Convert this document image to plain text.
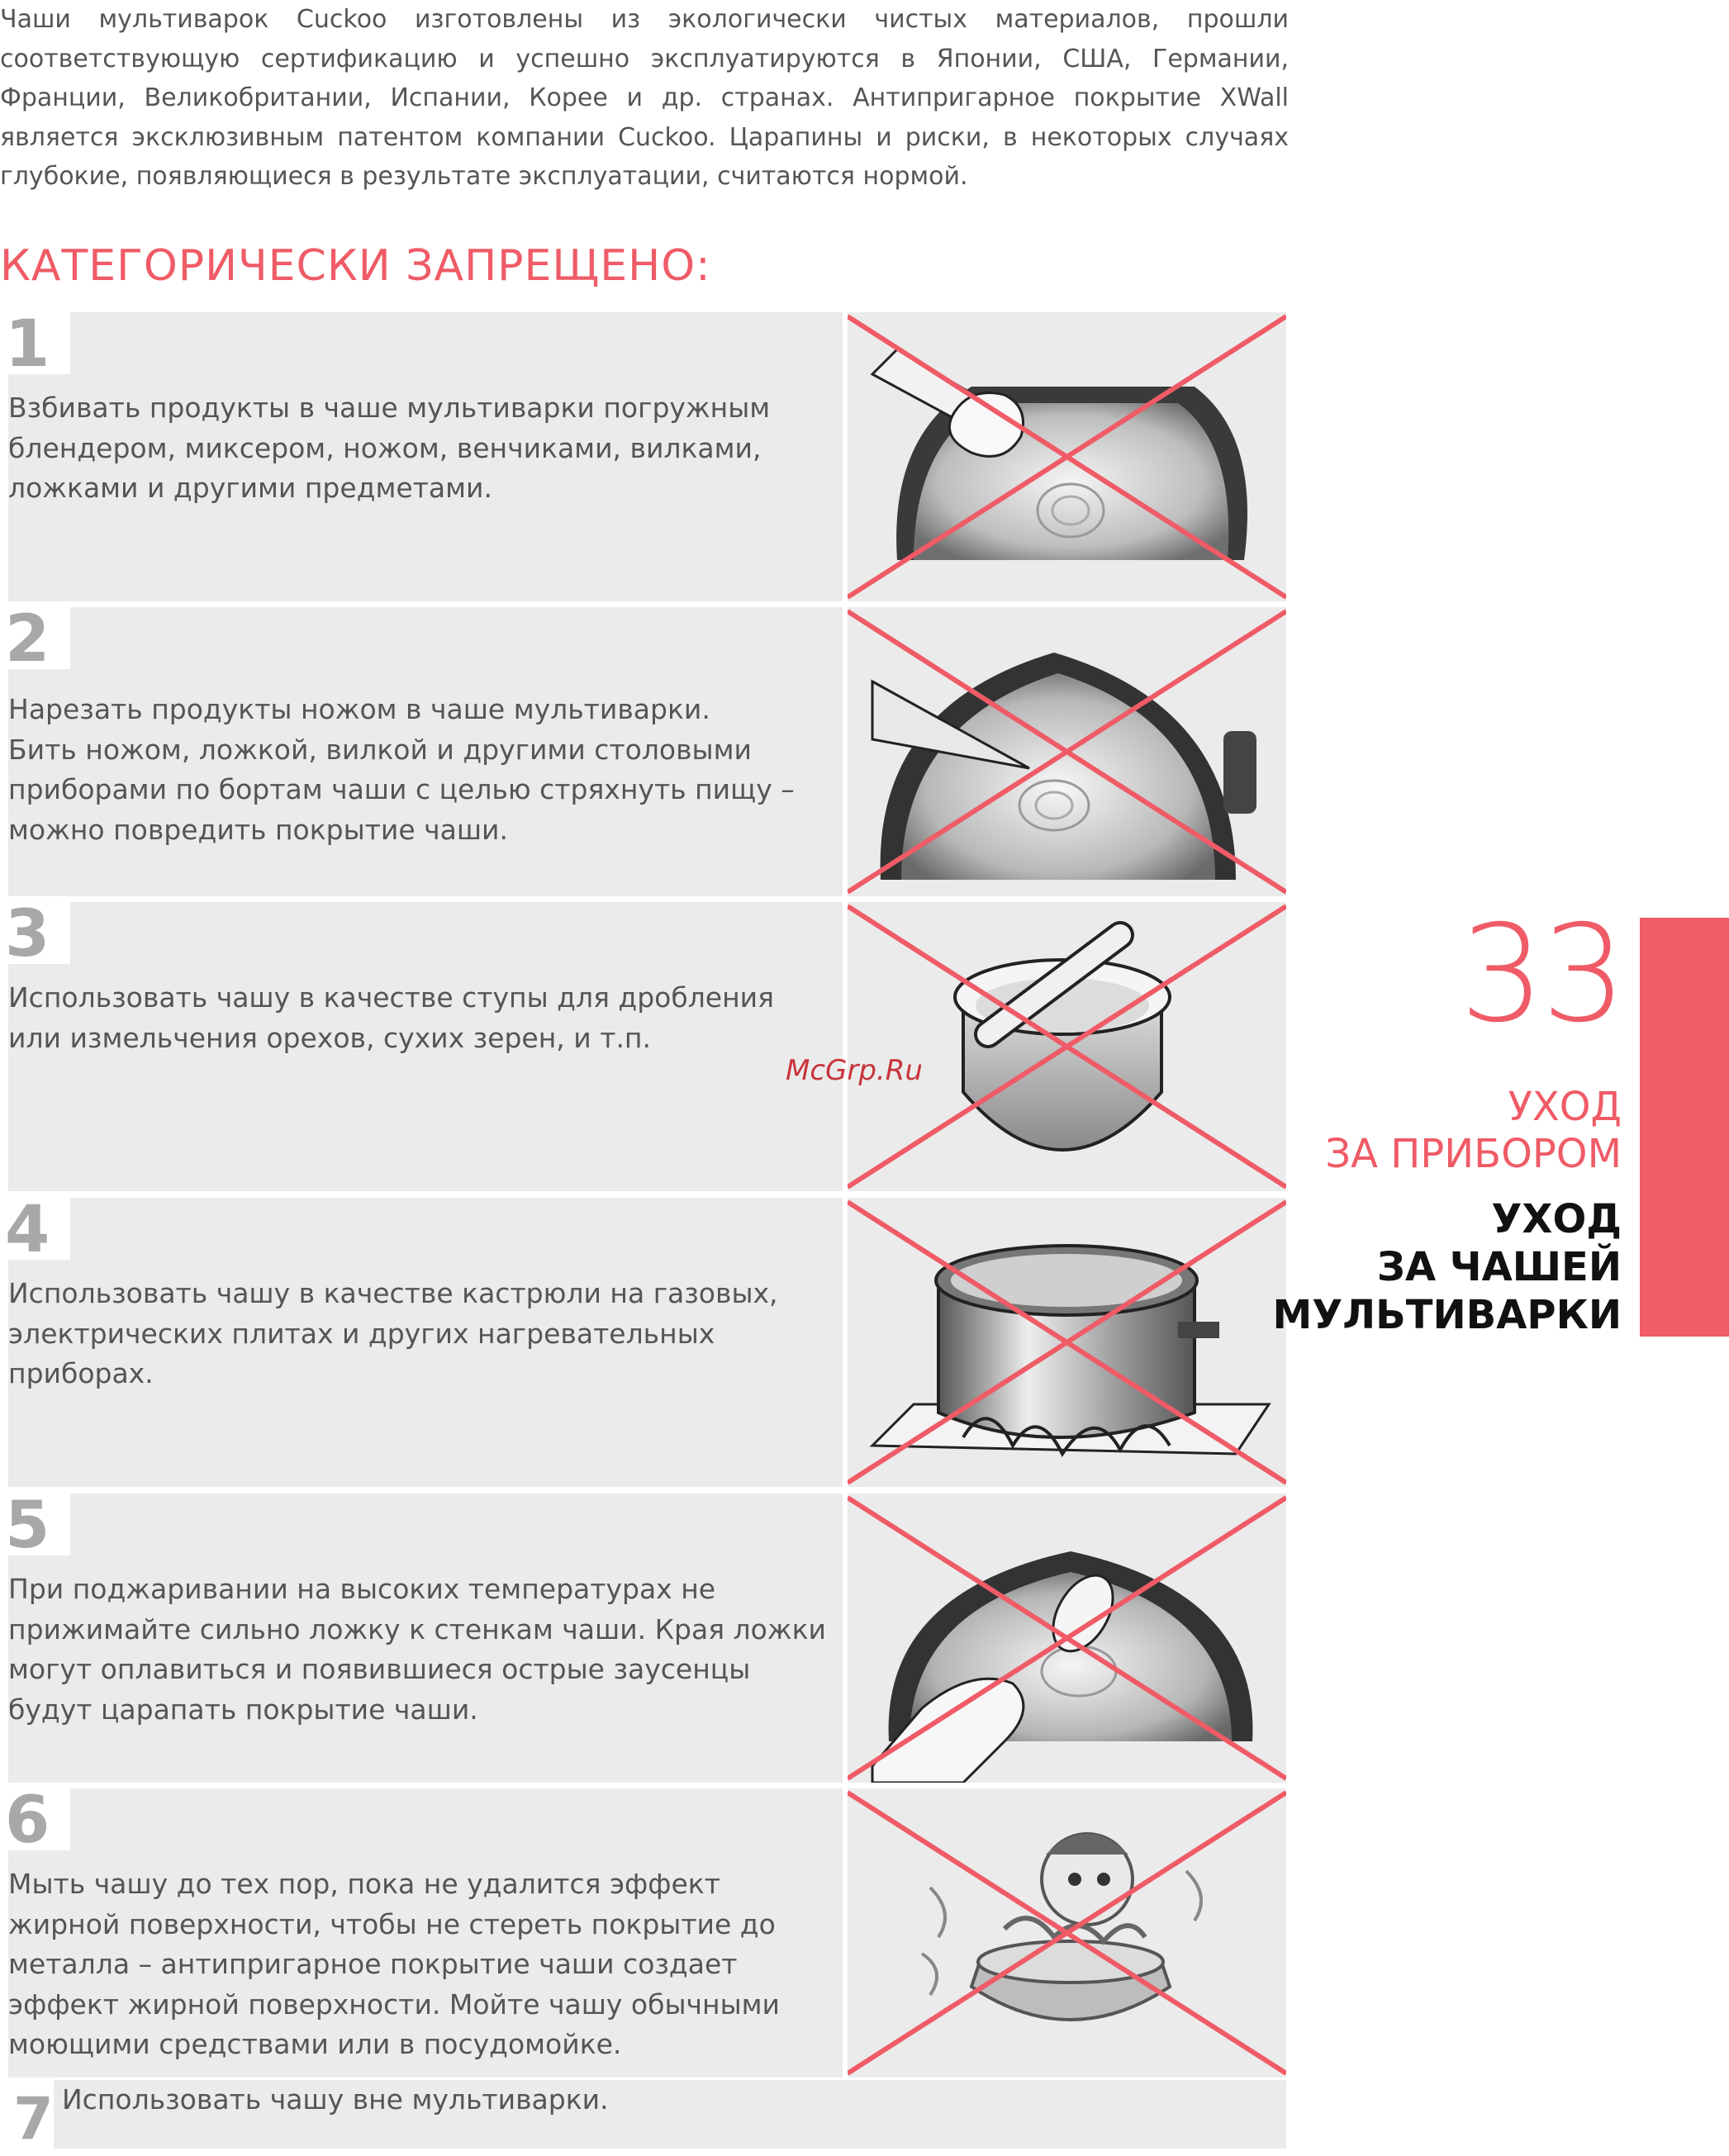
Чаши мультиварок Cuckoo изготовлены из экологически чистых материалов, прошли соответствующую сертификацию и успешно эксплуатируются в Японии, США, Германии, Франции, Великобритании, Испании, Корее и др. странах. Антипригарное покрытие XWall является эксклюзивным патентом компании Cuckoo. Царапины и риски, в некоторых случаях глубокие, появляющиеся в результате эксплуатации, считаются нормой.

КАТЕГОРИЧЕСКИ ЗАПРЕЩЕНО:
1

Взбивать продукты в чаше мультиварки погружным блендером, миксером, ножом, венчиками, вилками, ложками и другими предметами.

2

Нарезать продукты ножом в чаше мультиварки.
Бить ножом, ложкой, вилкой и другими столовыми приборами по бортам чаши с целью стряхнуть пищу – можно повредить покрытие чаши.

3

Использовать чашу в качестве ступы для дробления или измельчения орехов, сухих зерен, и т.п.

4

Использовать чашу в качестве кастрюли на газовых, электрических плитах и других нагревательных приборах.

5

При поджаривании на высоких температурах не прижимайте сильно ложку к стенкам чаши. Края ложки могут оплавиться и появившиеся острые заусенцы будут царапать покрытие чаши.

6

Мыть чашу до тех пор, пока не удалится эффект жирной поверхности, чтобы не стереть покрытие до металла – антипригарное покрытие чаши создает эффект жирной поверхности. Мойте чашу обычными моющими средствами или в посудомойке.

7 Использовать чашу вне мультиварки.

McGrp.Ru
33
УХОД
ЗА ПРИБОРОМ
УХОД
ЗА ЧАШЕЙ
МУЛЬТИВАРКИ
